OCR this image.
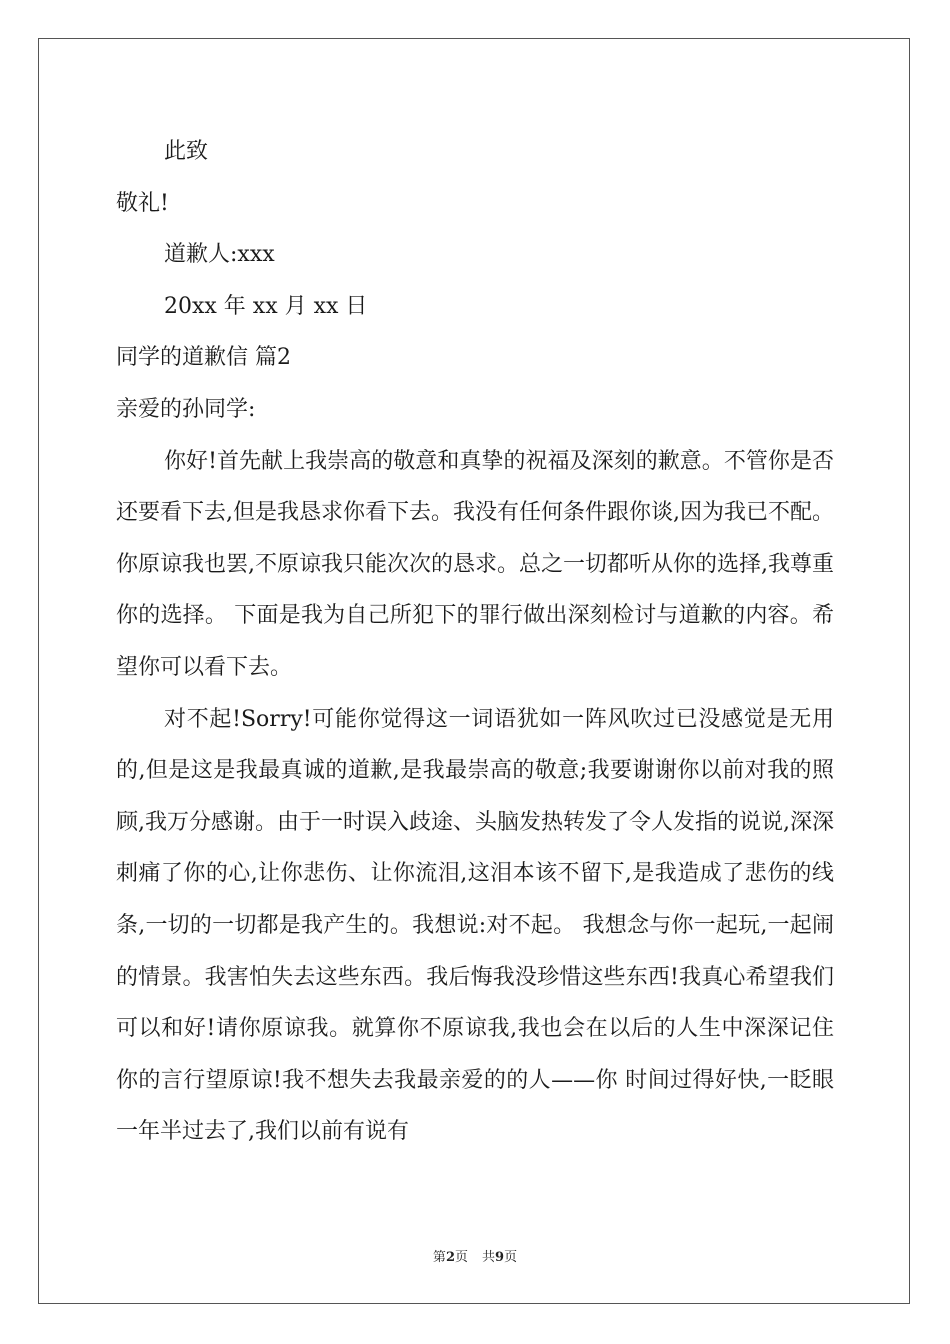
此致
敬礼!
道歉人:xxx
20xx 年 xx 月 xx 日
同学的道歉信 篇2
亲爱的孙同学:

你好!首先献上我崇高的敬意和真挚的祝福及深刻的歉意。不管你是否还要看下去,但是我恳求你看下去。我没有任何条件跟你谈,因为我已不配。你原谅我也罢,不原谅我只能次次的恳求。总之一切都听从你的选择,我尊重你的选择。 下面是我为自己所犯下的罪行做出深刻检讨与道歉的内容。希望你可以看下去。

对不起!Sorry!可能你觉得这一词语犹如一阵风吹过已没感觉是无用的,但是这是我最真诚的道歉,是我最崇高的敬意;我要谢谢你以前对我的照顾,我万分感谢。由于一时误入歧途、头脑发热转发了令人发指的说说,深深刺痛了你的心,让你悲伤、让你流泪,这泪本该不留下,是我造成了悲伤的线条,一切的一切都是我产生的。我想说:对不起。 我想念与你一起玩,一起闹的情景。我害怕失去这些东西。我后悔我没珍惜这些东西!我真心希望我们可以和好!请你原谅我。就算你不原谅我,我也会在以后的人生中深深记住你的言行望原谅!我不想失去我最亲爱的的人——你 时间过得好快,一眨眼一年半过去了,我们以前有说有

第2页 共9页
